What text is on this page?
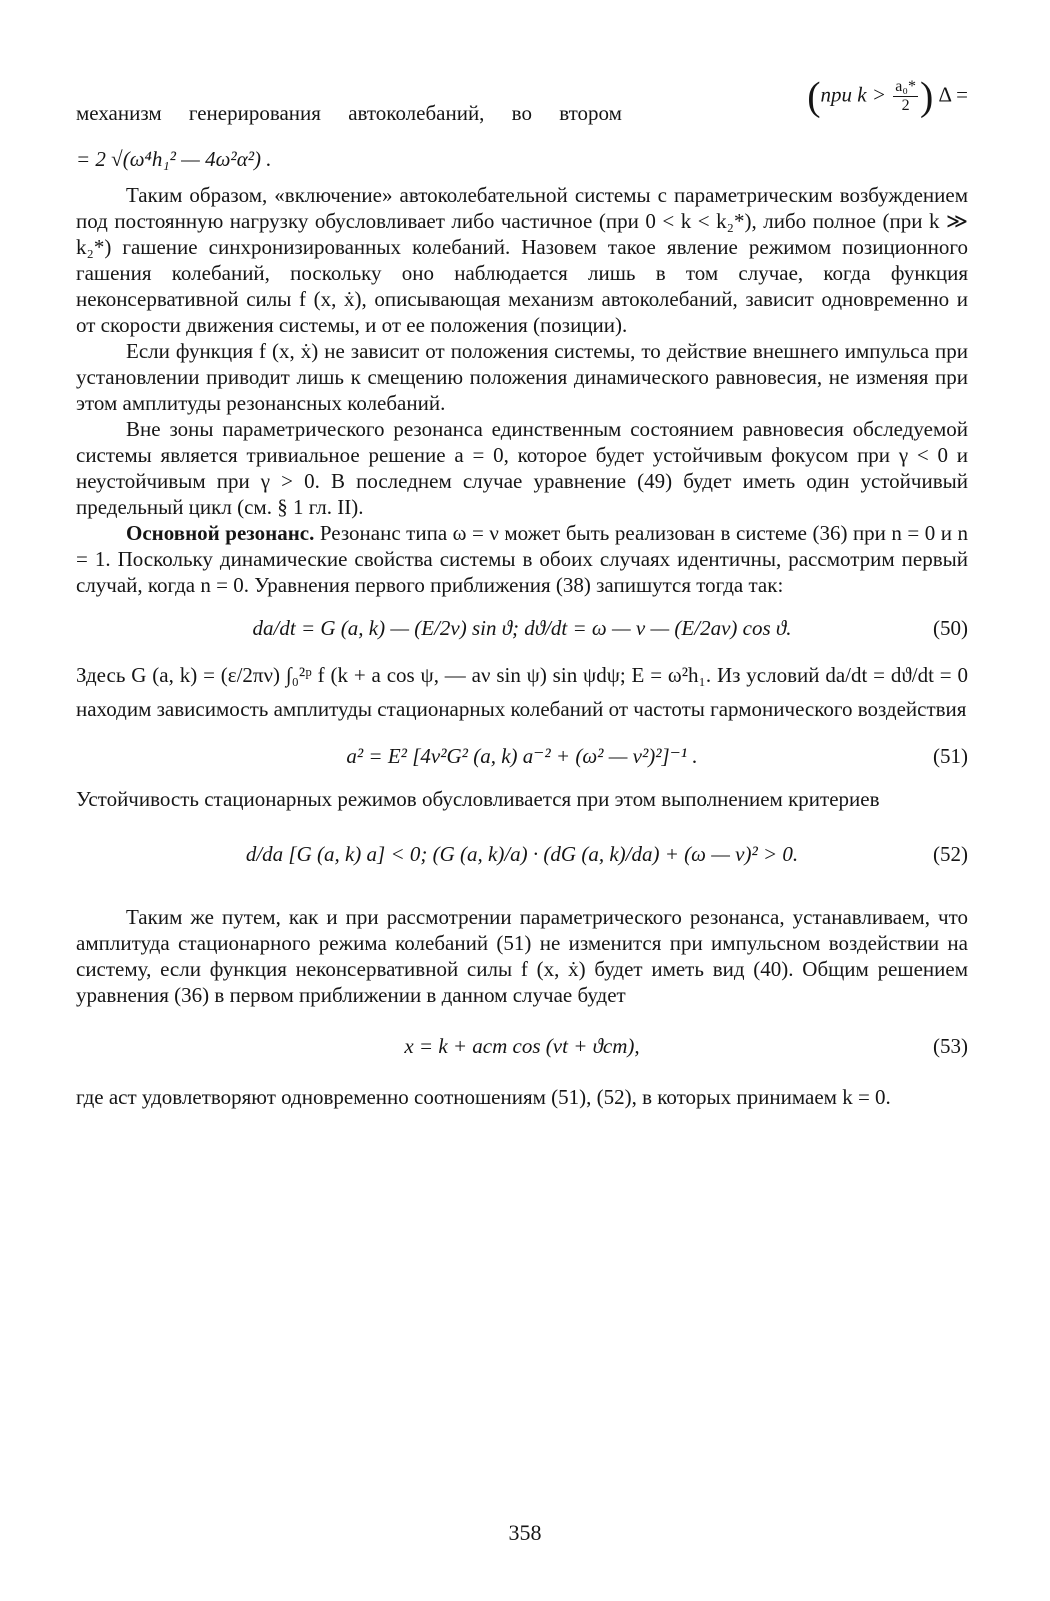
механизм генерирования автоколебаний, во втором	(при $k > \frac{\text{a₀*}}{2}$ ) Δ =

= 2 √(ω⁴h₁² — 4ω²α²) .

Таким образом, «включение» автоколебательной системы с параметрическим возбуждением под постоянную нагрузку обусловливает либо частичное (при 0 < k < k₂*), либо полное (при k ≫ k₂*) гашение синхронизированных колебаний. Назовем такое явление режимом позиционного гашения колебаний, поскольку оно наблюдается лишь в том случае, когда функция неконсервативной силы f (x, ẋ), описывающая механизм автоколебаний, зависит одновременно и от скорости движения системы, и от ее положения (позиции).

Если функция f (x, ẋ) не зависит от положения системы, то действие внешнего импульса при установлении приводит лишь к смещению положения динамического равновесия, не изменяя при этом амплитуды резонансных колебаний.

Вне зоны параметрического резонанса единственным состоянием равновесия обследуемой системы является тривиальное решение a = 0, которое будет устойчивым фокусом при γ < 0 и неустойчивым при γ > 0. В последнем случае уравнение (49) будет иметь один устойчивый предельный цикл (см. § 1 гл. II).

Основной резонанс. Резонанс типа ω = ν может быть реализован в системе (36) при n = 0 и n = 1. Поскольку динамические свойства системы в обоих случаях идентичны, рассмотрим первый случай, когда n = 0. Уравнения первого приближения (38) запишутся тогда так:

da/dt = G (a, k) — (E/2ν) sin ϑ; dϑ/dt = ω — ν — (E/2aν) cos ϑ.	(50)

Здесь G (a, k) = (ε/2πν) ∫₀²ᵖ f (k + a cos ψ, — aν sin ψ) sin ψdψ; E = ω²h₁. Из условий da/dt = dϑ/dt = 0 находим зависимость амплитуды стационарных колебаний от частоты гармонического воздействия

a² = E² [4ν²G² (a, k) a⁻² + (ω² — ν²)²]⁻¹ .	(51)

Устойчивость стационарных режимов обусловливается при этом выполнением критериев

d/da [G (a, k) a] < 0; (G (a, k)/a) · (dG (a, k)/da) + (ω — ν)² > 0.	(52)

Таким же путем, как и при рассмотрении параметрического резонанса, устанавливаем, что амплитуда стационарного режима колебаний (51) не изменится при импульсном воздействии на систему, если функция неконсервативной силы f (x, ẋ) будет иметь вид (40). Общим решением уравнения (36) в первом приближении в данном случае будет

x = k + aст cos (νt + ϑст),	(53)

где aст удовлетворяют одновременно соотношениям (51), (52), в которых принимаем k = 0.

358
